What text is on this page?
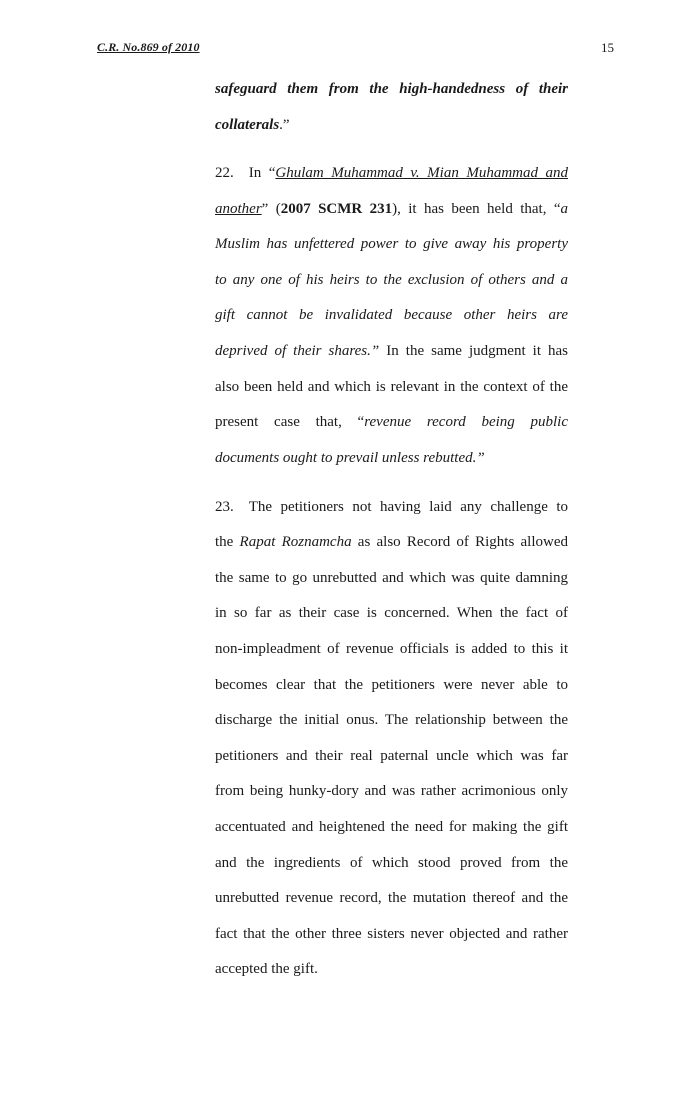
C.R. No.869 of 2010	15
safeguard them from the high-handedness of their
collaterals.”
22. In “Ghulam Muhammad v. Mian Muhammad and
another” (2007 SCMR 231), it has been held that, “a
Muslim has unfettered power to give away his property
to any one of his heirs to the exclusion of others and a
gift cannot be invalidated because other heirs are
deprived of their shares.” In the same judgment it has
also been held and which is relevant in the context of the
present case that, “revenue record being public
documents ought to prevail unless rebutted.”
23. The petitioners not having laid any challenge to
the Rapat Roznamcha as also Record of Rights allowed
the same to go unrebutted and which was quite damning
in so far as their case is concerned. When the fact of
non-impleadment of revenue officials is added to this it
becomes clear that the petitioners were never able to
discharge the initial onus. The relationship between the
petitioners and their real paternal uncle which was far
from being hunky-dory and was rather acrimonious only
accentuated and heightened the need for making the gift
and the ingredients of which stood proved from the
unrebutted revenue record, the mutation thereof and the
fact that the other three sisters never objected and rather
accepted the gift.
